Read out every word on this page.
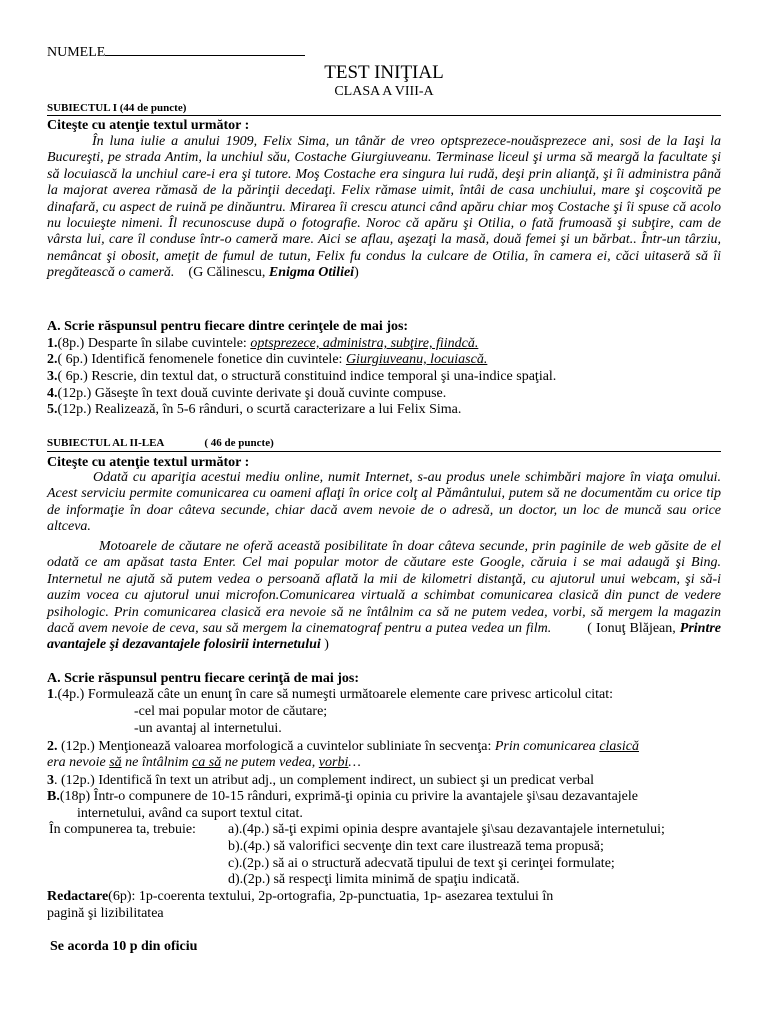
NUMELE
TEST INIŢIAL
CLASA A VIII-A
SUBIECTUL I (44 de puncte)
Citeşte cu atenţie textul următor :
În luna iulie a anului 1909, Felix Sima, un tânăr de vreo optsprezece-nouăsprezece ani, sosi de la Iaşi la Bucureşti, pe strada Antim, la unchiul său, Costache Giurgiuveanu. Terminase liceul şi urma să meargă la facultate şi să locuiască la unchiul care-i era şi tutore. Moş Costache era singura lui rudă, deşi prin alianţă, şi îi administra până la majorat averea rămasă de la părinţii decedaţi. Felix rămase uimit, întâi de casa unchiului, mare şi coşcovită pe dinafară, cu aspect de ruină pe dinăuntru. Mirarea îi crescu atunci când apăru chiar moş Costache şi îi spuse că acolo nu locuieşte nimeni. Îl recunoscuse după o fotografie. Noroc că apăru şi Otilia, o fată frumoasă şi subţire, cam de vârsta lui, care îl conduse într-o cameră mare. Aici se aflau, aşezaţi la masă, două femei şi un bărbat.. Într-un târziu, nemâncat şi obosit, ameţit de fumul de tutun, Felix fu condus la culcare de Otilia, în camera ei, căci uitaseră să îi pregătească o cameră. (G Călinescu, Enigma Otiliei)
A. Scrie răspunsul pentru fiecare dintre cerinţele de mai jos:
1.(8p.) Desparte în silabe cuvintele: optsprezece, administra, subţire, fiindcă.
2.( 6p.) Identifică fenomenele fonetice din cuvintele: Giurgiuveanu, locuiască.
3.( 6p.) Rescrie, din textul dat, o structură constituind indice temporal şi una-indice spaţial.
4.(12p.) Găseşte în text două cuvinte derivate şi două cuvinte compuse.
5.(12p.) Realizează, în 5-6 rânduri, o scurtă caracterizare a lui Felix Sima.
SUBIECTUL AL II-LEA	( 46 de puncte)
Citeşte cu atenţie textul următor :
Odată cu apariţia acestui mediu online, numit Internet, s-au produs unele schimbări majore în viaţa omului. Acest serviciu permite comunicarea cu oameni aflaţi în orice colţ al Pământului, putem să ne documentăm cu orice tip de informaţie în doar câteva secunde, chiar dacă avem nevoie de o adresă, un doctor, un loc de muncă sau orice altceva.
Motoarele de căutare ne oferă această posibilitate în doar câteva secunde, prin paginile de web găsite de el odată ce am apăsat tasta Enter. Cel mai popular motor de căutare este Google, căruia i se mai adaugă şi Bing. Internetul ne ajută să putem vedea o persoană aflată la mii de kilometri distanţă, cu ajutorul unui webcam, şi să-i auzim vocea cu ajutorul unui microfon.Comunicarea virtuală a schimbat comunicarea clasică din punct de vedere psihologic. Prin comunicarea clasică era nevoie să ne întâlnim ca să ne putem vedea, vorbi, să mergem la magazin dacă avem nevoie de ceva, sau să mergem la cinematograf pentru a putea vedea un film.	( Ionuţ Blăjean, Printre avantajele şi dezavantajele folosirii internetului )
A. Scrie răspunsul pentru fiecare cerinţă de mai jos:
1.(4p.) Formulează câte un enunţ în care să numeşti următoarele elemente care privesc articolul citat:
-cel mai popular motor de căutare;
-un avantaj al internetului.
2. (12p.) Menţionează valoarea morfologică a cuvintelor subliniate în secvenţa: Prin comunicarea clasică
era nevoie să ne întâlnim ca să ne putem vedea, vorbi…
3. (12p.) Identifică în text un atribut adj., un complement indirect, un subiect şi un predicat verbal
B.(18p) Într-o compunere de 10-15 rânduri, exprimă-ţi opinia cu privire la avantajele şi\sau dezavantajele
internetului, având ca suport textul citat.
În compunerea ta, trebuie: a).(4p.) să-ţi expimi opinia despre avantajele şi\sau dezavantajele internetului;
b).(4p.) să valorifici secvenţe din text care ilustrează tema propusă;
c).(2p.) să ai o structură adecvată tipului de text şi cerinţei formulate;
d).(2p.) să respecţi limita minimă de spaţiu indicată.
Redactare(6p): 1p-coerenta textului, 2p-ortografia, 2p-punctuatia, 1p- asezarea textului în
pagină şi lizibilitatea
Se acorda 10 p din oficiu
